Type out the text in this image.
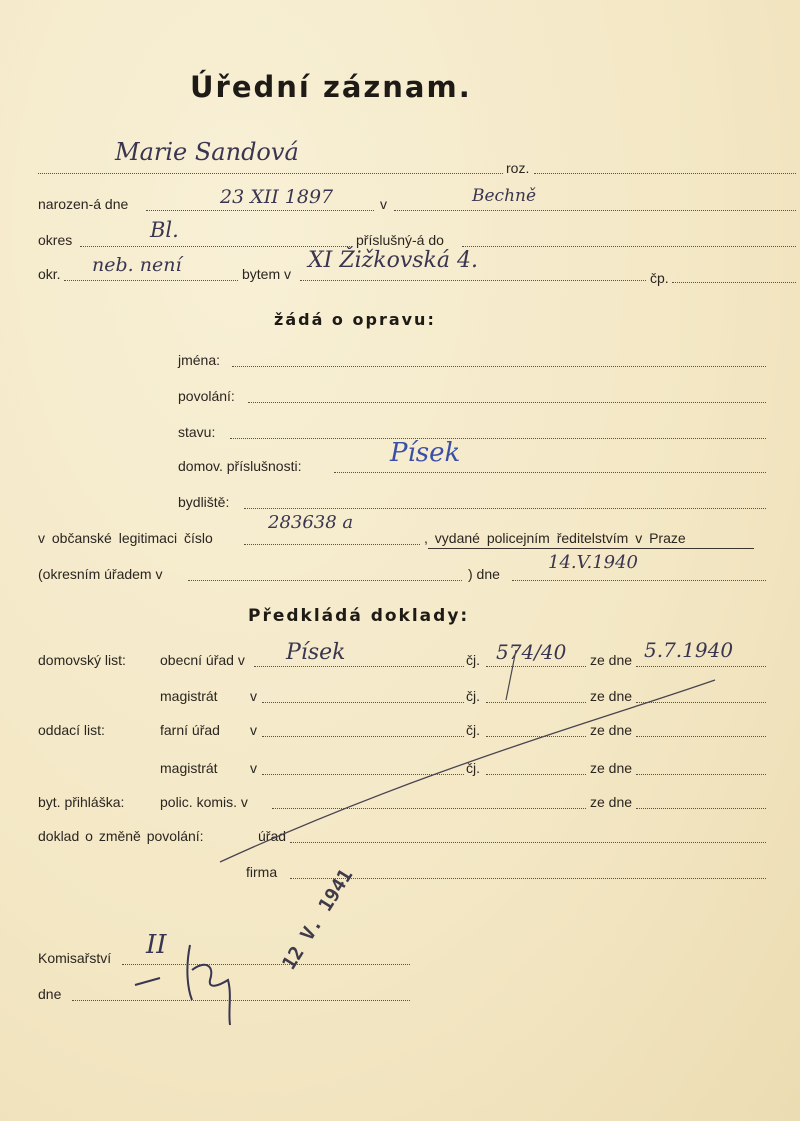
Úřední záznam.
Marie Sandová
roz.
narozen-á dne	23 XII 1897	v	Bechně
okres	Bl.	příslušný-á do
okr. neb. není	bytem v
XI Žižkovská 4.
čp.
žádá o opravu:
jména:
povolání:
stavu:
domov. příslušnosti:	Písek
bydliště:
v občanské legitimaci číslo
283638 a
, vydané policejním ředitelstvím v Praze
(okresním úřadem v	) dne
14.V.1940
Předkládá doklady:
domovský list: obecní úřad v Písek	čj. 574/40 ze dne 5.7.1940
magistrát v	čj.	ze dne
oddací list:	farní úřad v	čj.	ze dne
magistrát v	čj.	ze dne
byt. přihláška:	polic. komis. v	ze dne
doklad o změně povolání:	úřad
firma
Komisařství II
dne
12 V. 1941
